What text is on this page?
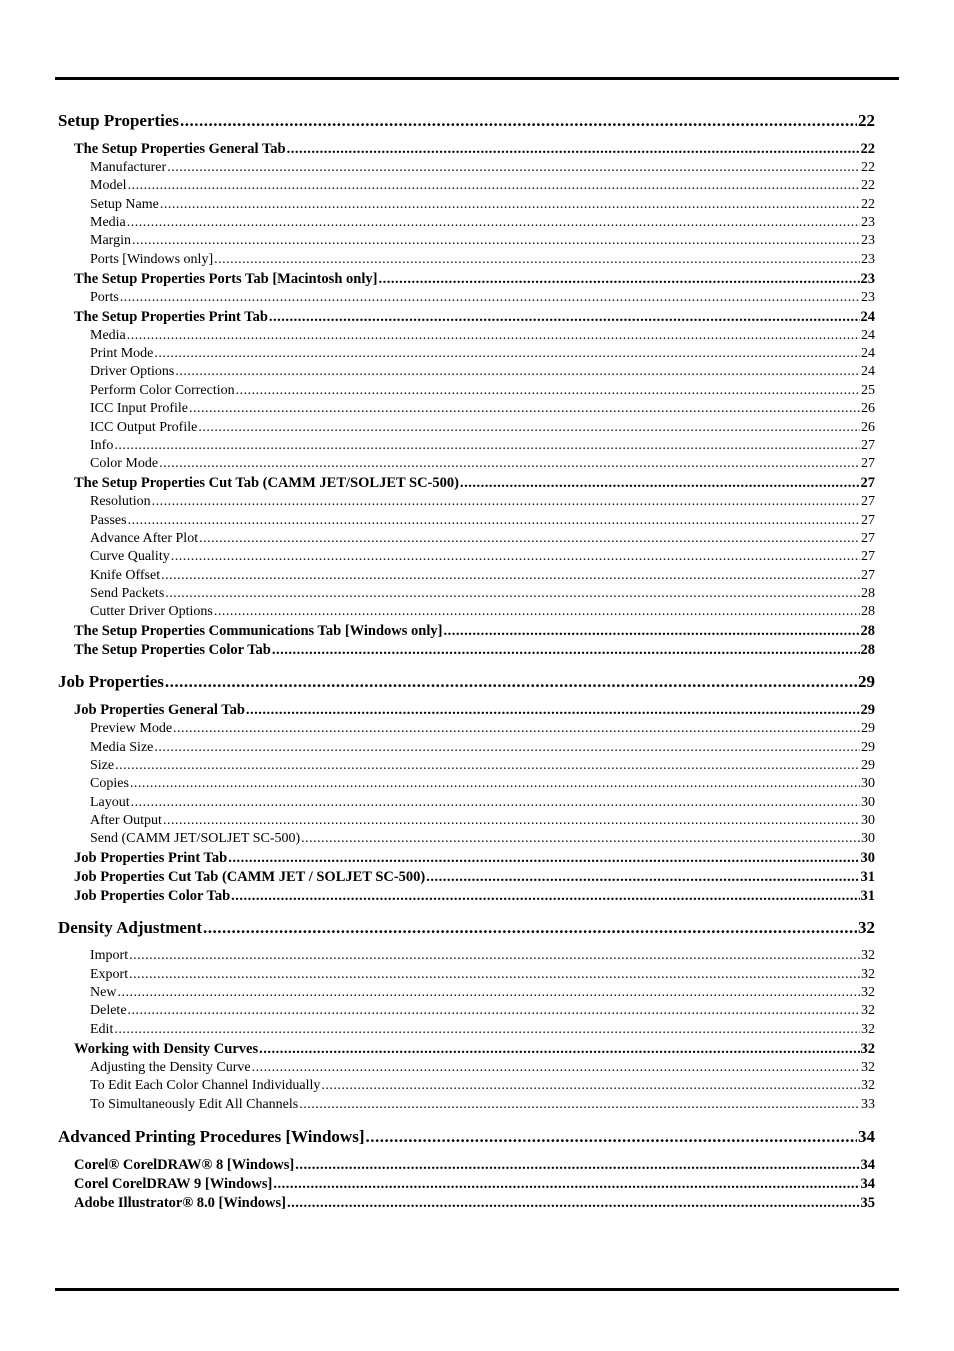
Setup Properties .....	22
The Setup Properties General Tab .....	22
Manufacturer .....	22
Model .....	22
Setup Name .....	22
Media .....	23
Margin .....	23
Ports [Windows only] .....	23
The Setup Properties Ports Tab [Macintosh only] .....	23
Ports .....	23
The Setup Properties Print Tab .....	24
Media .....	24
Print Mode .....	24
Driver Options .....	24
Perform Color Correction .....	25
ICC Input Profile .....	26
ICC Output Profile .....	26
Info .....	27
Color Mode .....	27
The Setup Properties Cut Tab (CAMM JET/SOLJET SC-500) .....	27
Resolution .....	27
Passes .....	27
Advance After Plot .....	27
Curve Quality .....	27
Knife Offset .....	27
Send Packets .....	28
Cutter Driver Options .....	28
The Setup Properties Communications Tab [Windows only] .....	28
The Setup Properties Color Tab .....	28
Job Properties .....	29
Job Properties General Tab .....	29
Preview Mode .....	29
Media Size .....	29
Size .....	29
Copies .....	30
Layout .....	30
After Output .....	30
Send (CAMM JET/SOLJET SC-500) .....	30
Job Properties Print Tab .....	30
Job Properties Cut Tab (CAMM JET / SOLJET SC-500) .....	31
Job Properties Color Tab .....	31
Density Adjustment .....	32
Import .....	32
Export .....	32
New .....	32
Delete .....	32
Edit .....	32
Working with Density Curves .....	32
Adjusting the Density Curve .....	32
To Edit Each Color Channel Individually .....	32
To Simultaneously Edit All Channels .....	33
Advanced Printing Procedures [Windows] .....	34
Corel® CorelDRAW® 8 [Windows] .....	34
Corel CorelDRAW 9 [Windows] .....	34
Adobe Illustrator® 8.0 [Windows] .....	35
